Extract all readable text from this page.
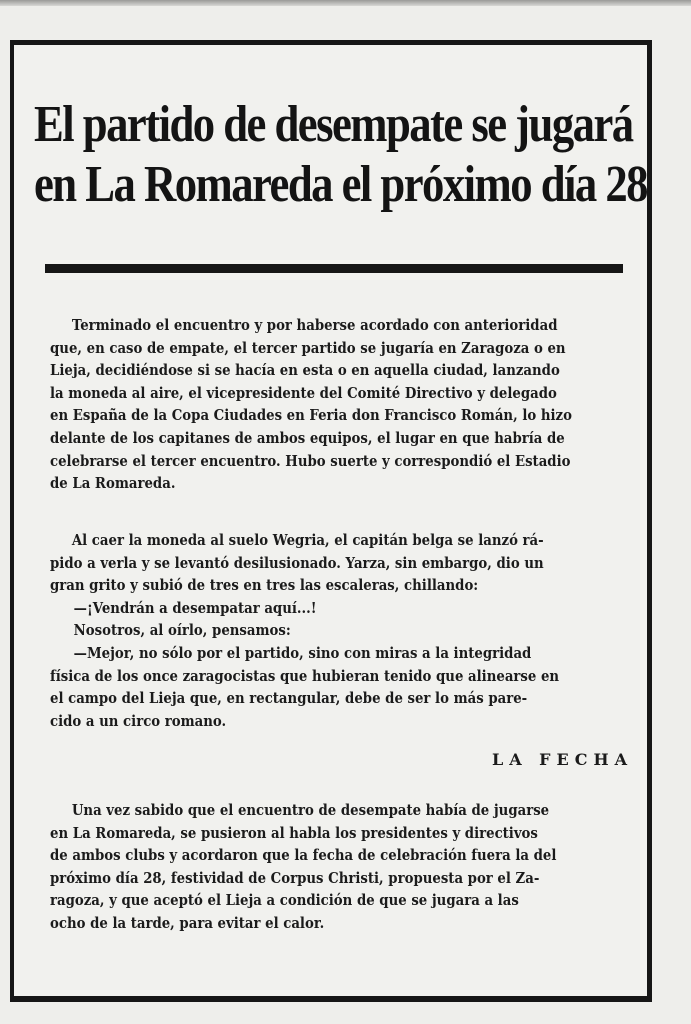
El partido de desempate se jugará
en La Romareda el próximo día 28

Terminado el encuentro y por haberse acordado con anterioridad
que, en caso de empate, el tercer partido se jugaría en Zaragoza o en
Lieja, decidiéndose si se hacía en esta o en aquella ciudad, lanzando
la moneda al aire, el vicepresidente del Comité Directivo y delegado
en España de la Copa Ciudades en Feria don Francisco Román, lo hizo
delante de los capitanes de ambos equipos, el lugar en que habría de
celebrarse el tercer encuentro. Hubo suerte y correspondió el Estadio
de La Romareda.

Al caer la moneda al suelo Wegria, el capitán belga se lanzó rá-
pido a verla y se levantó desilusionado. Yarza, sin embargo, dio un
gran grito y subió de tres en tres las escaleras, chillando:
—¡Vendrán a desempatar aquí...!
Nosotros, al oírlo, pensamos:
—Mejor, no sólo por el partido, sino con miras a la integridad
física de los once zaragocistas que hubieran tenido que alinearse en
el campo del Lieja que, en rectangular, debe de ser lo más pare-
cido a un circo romano.
LA FECHA

Una vez sabido que el encuentro de desempate había de jugarse
en La Romareda, se pusieron al habla los presidentes y directivos
de ambos clubs y acordaron que la fecha de celebración fuera la del
próximo día 28, festividad de Corpus Christi, propuesta por el Za-
ragoza, y que aceptó el Lieja a condición de que se jugara a las
ocho de la tarde, para evitar el calor.
